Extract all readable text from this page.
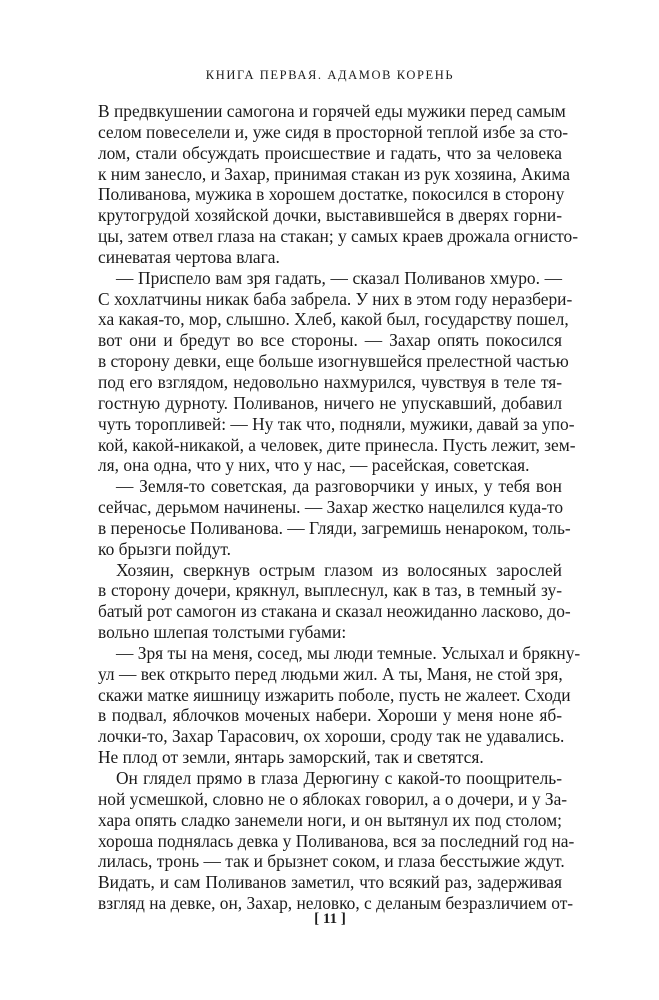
КНИГА ПЕРВАЯ. АДАМОВ КОРЕНЬ
В предвкушении самогона и горячей еды мужики перед самым
селом повеселели и, уже сидя в просторной теплой избе за сто-
лом, стали обсуждать происшествие и гадать, что за человека
к ним занесло, и Захар, принимая стакан из рук хозяина, Акима
Поливанова, мужика в хорошем достатке, покосился в сторону
крутогрудой хозяйской дочки, выставившейся в дверях горни-
цы, затем отвел глаза на стакан; у самых краев дрожала огнисто-
синеватая чертова влага.
— Приспело вам зря гадать, — сказал Поливанов хмуро. —
С хохлатчины никак баба забрела. У них в этом году неразбери-
ха какая-то, мор, слышно. Хлеб, какой был, государству пошел,
вот они и бредут во все стороны. — Захар опять покосился
в сторону девки, еще больше изогнувшейся прелестной частью
под его взглядом, недовольно нахмурился, чувствуя в теле тя-
гостную дурноту. Поливанов, ничего не упускавший, добавил
чуть торопливей: — Ну так что, подняли, мужики, давай за упо-
кой, какой-никакой, а человек, дите принесла. Пусть лежит, зем-
ля, она одна, что у них, что у нас, — расейская, советская.
— Земля-то советская, да разговорчики у иных, у тебя вон
сейчас, дерьмом начинены. — Захар жестко нацелился куда-то
в переносье Поливанова. — Гляди, загремишь ненароком, толь-
ко брызги пойдут.
Хозяин, сверкнув острым глазом из волосяных зарослей
в сторону дочери, крякнул, выплеснул, как в таз, в темный зу-
батый рот самогон из стакана и сказал неожиданно ласково, до-
вольно шлепая толстыми губами:
— Зря ты на меня, сосед, мы люди темные. Услыхал и брякну-
ул — век открыто перед людьми жил. А ты, Маня, не стой зря,
скажи матке яишницу изжарить поболе, пусть не жалеет. Сходи
в подвал, яблочков моченых набери. Хороши у меня ноне яб-
лочки-то, Захар Тарасович, ох хороши, сроду так не удавались.
Не плод от земли, янтарь заморский, так и светятся.
Он глядел прямо в глаза Дерюгину с какой-то поощритель-
ной усмешкой, словно не о яблоках говорил, а о дочери, и у За-
хара опять сладко занемели ноги, и он вытянул их под столом;
хороша поднялась девка у Поливанова, вся за последний год на-
лилась, тронь — так и брызнет соком, и глаза бесстыжие ждут.
Видать, и сам Поливанов заметил, что всякий раз, задерживая
взгляд на девке, он, Захар, неловко, с деланым безразличием от-
[ 11 ]
